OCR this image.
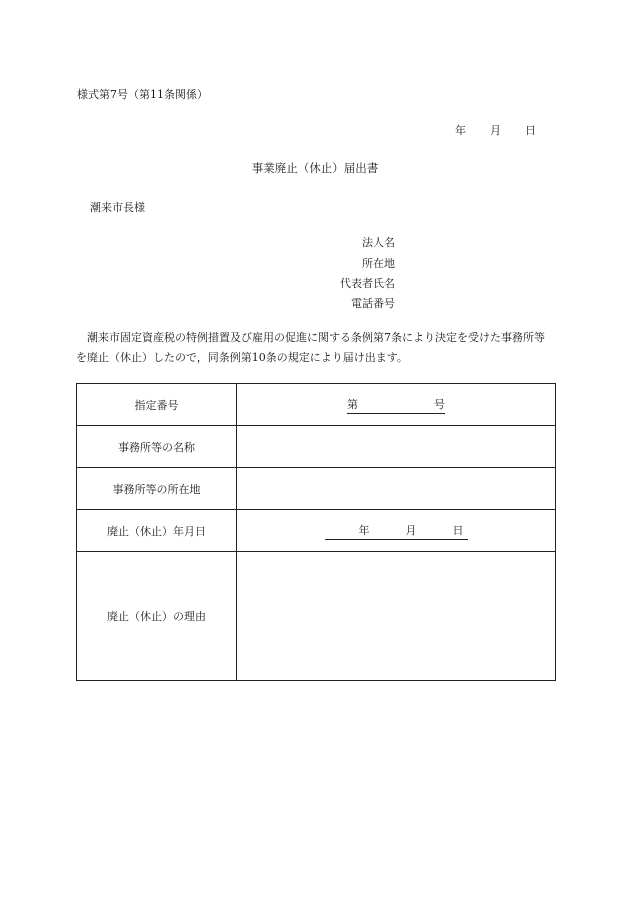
様式第7号（第11条関係）
年 月 日
事業廃止（休止）届出書
潮来市長様
法人名
所在地
代表者氏名
電話番号
潮来市固定資産税の特例措置及び雇用の促進に関する条例第7条により決定を受けた事務所等を廃止（休止）したので，同条例第10条の規定により届け出ます。
指定番号	第 号
事務所等の名称	
事務所等の所在地	
廃止（休止）年月日	年 月 日
廃止（休止）の理由	
